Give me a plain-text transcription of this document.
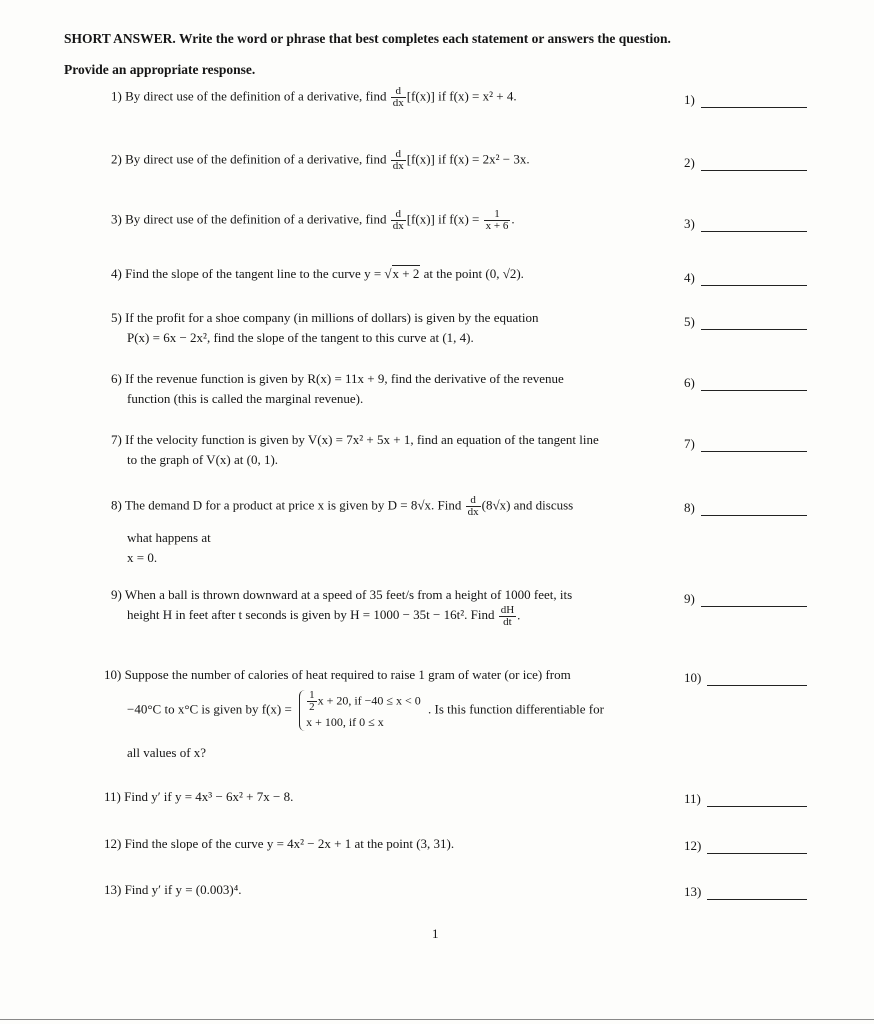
SHORT ANSWER. Write the word or phrase that best completes each statement or answers the question.
Provide an appropriate response.
1) By direct use of the definition of a derivative, find $\frac{d}{dx} [f(x)]$ if f(x) = x² + 4.	1)
2) By direct use of the definition of a derivative, find $\frac{d}{dx} [f(x)]$ if f(x) = 2x² − 3x.	2)
3) By direct use of the definition of a derivative, find $\frac{d}{dx} [f(x)]$ if $f(x) = \frac{1}{x + 6}$ .	3)
4) Find the slope of the tangent line to the curve y = √x + 2 at the point (0, √2).	4)
5) If the profit for a shoe company (in millions of dollars) is given by the equation
P(x) = 6x − 2x², find the slope of the tangent to this curve at (1, 4).
5)
6) If the revenue function is given by R(x) = 11x + 9, find the derivative of the revenue
function (this is called the marginal revenue).
6)
7) If the velocity function is given by V(x) = 7x² + 5x + 1, find an equation of the tangent line
to the graph of V(x) at (0, 1).
7)
8) The demand D for a product at price x is given by D = 8√x. Find $\frac{d}{dx} (8√x)$ and discuss
what happens at
x = 0.
8)
9) When a ball is thrown downward at a speed of 35 feet/s from a height of 1000 feet, its
height H in feet after t seconds is given by H = 1000 − 35t − 16t². Find $\frac{dH}{dt}$ .
9)
10) Suppose the number of calories of heat required to raise 1 gram of water (or ice) from
−40°C to x°C is given by $f(x) = \frac{1}{2}$ x + 20, if −40 ≤ x < 0
x + 100, if 0 ≤ x . Is this function differentiable for
all values of x?
10)
11) Find y′ if y = 4x³ − 6x² + 7x − 8.	11)
12) Find the slope of the curve y = 4x² − 2x + 1 at the point (3, 31).	12)
13) Find y′ if y = (0.003)⁴.	13)
1
